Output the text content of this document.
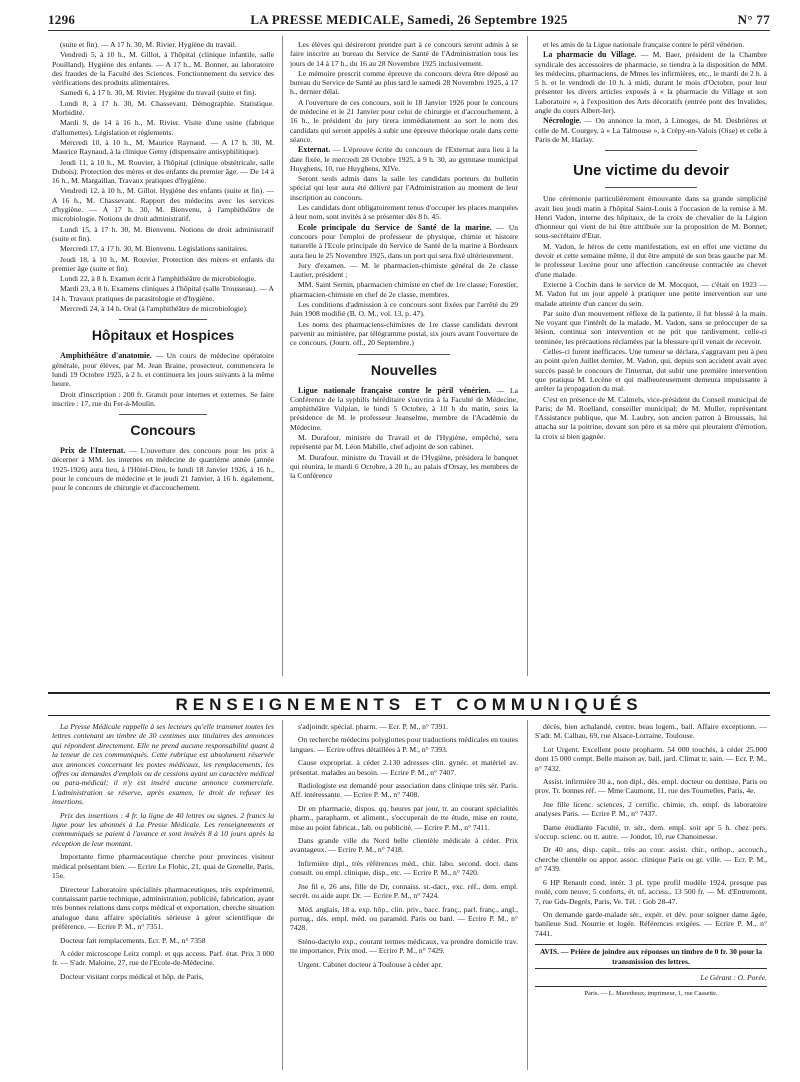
1296	LA PRESSE MEDICALE, Samedi, 26 Septembre 1925	N° 77

(suite et fin). — A 17 h. 30, M. Rivier. Hygiène du travail.

Vendredi 5, à 10 h., M. Gillot, à l'hôpital (clinique infantile, salle Pouilland). Hygiène des enfants. — A 17 h., M. Bonner, au laboratoire des fraudes de la Faculté des Sciences. Fonctionnement du service des vérifications des produits alimentaires.

Samedi 6, à 17 h. 30, M. Rivier. Hygiène du travail (suite et fin).

Lundi 8, à 17 h. 30, M. Chassevant. Démographie. Statistique. Morbidité.

Mardi 9, de 14 à 16 h., M. Rivier. Visite d'une usine (fabrique d'allumettes). Législation et règlements.

Mercredi 10, à 10 h., M. Maurice Raynaud. — A 17 h. 30, M. Maurice Raynaud, à la clinique Gemy (dispensaire antisyphilitique).

Jeudi 11, à 10 h., M. Rouvier, à l'hôpital (clinique obstétricale, salle Dubois). Protection des mères et des enfants du premier âge. — De 14 à 16 h., M. Margaillan. Travaux pratiques d'hygiène.

Vendredi 12, à 10 h., M. Gillot. Hygiène des enfants (suite et fin). — A 16 h., M. Chassevant. Rapport des médecins avec les services d'hygiène. — A 17 h. 30, M. Bienvenu, à l'amphithéâtre de microbiologie. Notions de droit administratif.

Lundi 15, à 17 h. 30, M. Bienvenu. Notions de droit administratif (suite et fin).

Mercredi 17, à 17 h. 30, M. Bienvenu. Législations sanitaires.

Jeudi 18, à 10 h., M. Rouvier. Protection des mères et enfants du premier âge (suite et fin).

Lundi 22, à 8 h. Examen écrit à l'amphithéâtre de microbiologie.

Mardi 23, à 8 h. Examens cliniques à l'hôpital (salle Trousseau). — A 14 h. Travaux pratiques de parasitologie et d'hygiène.

Mercredi 24, à 14 h. Oral (à l'amphithéâtre de microbiologie).

Hôpitaux et Hospices

Amphithéâtre d'anatomie. — Un cours de médecine opératoire générale, pour élèves, par M. Jean Braine, prosecteur, commencera le lundi 19 Octobre 1925, à 2 h. et continuera les jours suivants à la même heure.

Droit d'inscription : 200 fr. Gratuit pour internes et externes. Se faire inscrire : 17, rue du Fer-à-Moulin.

Concours

Prix de l'Internat. — L'ouverture des concours pour les prix à décerner à MM. les internes en médecine de quatrième année (année 1925-1926) aura lieu, à l'Hôtel-Dieu, le lundi 18 Janvier 1926, à 16 h., pour le concours de médecine et le jeudi 21 Janvier, à 16 h. également, pour le concours de chirurgie et d'accouchement.

Les élèves qui désireront prendre part à ce concours seront admis à se faire inscrire au bureau du Service de Santé de l'Administration tous les jours de 14 à 17 h., du 16 au 28 Novembre 1925 inclusivement.

Le mémoire prescrit comme épreuve du concours devra être déposé au bureau du Service de Santé au plus tard le samedi 28 Novembre 1925, à 17 h., dernier délai.

A l'ouverture de ces concours, soit le 18 Janvier 1926 pour le concours de médecine et le 21 Janvier pour celui de chirurgie et d'accouchement, à 16 h., le président du jury tirera immédiatement au sort le nom des candidats qui seront appelés à subir une épreuve théorique orale dans cette séance.

Externat. — L'épreuve écrite du concours de l'Externat aura lieu à la date fixée, le mercredi 28 Octobre 1925, à 9 h. 30, au gymnase municipal Huyghens, 10, rue Huyghens, XIVe.

Seront seuls admis dans la salle les candidats porteurs du bulletin spécial qui leur aura été délivré par l'Administration au moment de leur inscription au concours.

Les candidats dont obligatoirement tenus d'occuper les places marquées à leur nom, sont invités à se présenter dès 8 h. 45.

Ecole principale du Service de Santé de la marine. — Un concours pour l'emploi de professeur de physique, chimie et histoire naturelle à l'Ecole principale du Service de Santé de la marine à Bordeaux aura lieu le 25 Novembre 1925, dans un port qui sera fixé ultérieurement.

Jury d'examen. — M. le pharmacien-chimiste général de 2e classe Lautier, président ;

MM. Saint Sernin, pharmacien chimiste en chef de 1re classe; Forestier, pharmacien-chimiste en chef de 2e classe, membres.

Les conditions d'admission à ce concours sont fixées par l'arrêté du 29 Juin 1908 modifié (B. O. M., vol. 13, p. 47).

Les noms des pharmaciens-chimistes de 1re classe candidats devront parvenir au ministère, par télégramme postal, six jours avant l'ouverture de ce concours. (Journ. off., 20 Septembre.)

Nouvelles

Ligue nationale française contre le péril vénérien. — La Conférence de la syphilis héréditaire s'ouvrira à la Faculté de Médecine, amphithéâtre Vulpian, le lundi 5 Octobre, à 10 h du matin, sous la présidence de M. le professeur Jeanselme, membre de l'Académie de Médecine.

M. Durafour, ministre du Travail et de l'Hygiène, empêché, sera représenté par M. Léon Mabille, chef adjoint de son cabinet.

M. Durafour, ministre du Travail et de l'Hygiène, présidera le banquet qui réunira, le mardi 6 Octobre, à 20 h., au palais d'Orsay, les membres de la Conférence

et les amis de la Ligue nationale française contre le péril vénérien.

La pharmacie du Village. — M. Baer, président de la Chambre syndicale des accessoires de pharmacie, se tiendra à la disposition de MM. les médecins, pharmaciens, de Mmes les infirmières, etc., le mardi de 2 h. à 5 h. et le vendredi de 10 h. à midi, durant le mois d'Octobre, pour leur présenter les divers articles exposés à « la pharmacie du Village et son Laboratoire », à l'exposition des Arts décoratifs (entrée pont des Invalides, angle du cours Albert-Ier).

Nécrologie. — On annonce la mort, à Limoges, de M. Desbrières et celle de M. Courgey, à « La Talmouse », à Crépy-en-Valois (Oise) et celle à Paris de M. Harlay.

Une victime du devoir

Une cérémonie particulièrement émouvante dans sa grande simplicité avait lieu jeudi matin à l'hôpital Saint-Louis à l'occasion de la remise à M. Henri Vadon, interne des hôpitaux, de la croix de chevalier de la Légion d'honneur qui vient de lui être attribuée sur la proposition de M. Bonnet, sous-secrétaire d'Etat.

M. Vadon, le héros de cette manifestation, est en effet une victime du devoir et cette semaine même, il dut être amputé de son bras gauche par M. le professeur Lecène pour une affection cancéreuse contractée au chevet d'une malade.

Externe à Cochin dans le service de M. Mocquot, — c'était en 1923 — M. Vadon fut un jour appelé à pratiquer une petite intervention sur une malade atteinte d'un cancer du sein.

Par suite d'un mouvement réflexe de la patiente, il fut blessé à la main. Ne voyant que l'intérêt de la malade, M. Vadon, sans se préoccuper de sa lésion, continua son intervention et ne prit que tardivement, celle-ci terminée, les précautions réclamées par la blessure qu'il venait de recevoir.

Celles-ci furent inefficaces. Une tumeur se déclara, s'aggravant peu à peu au point qu'en Juillet dernier, M. Vadon, qui, depuis son accident avait avec succès passé le concours de l'internat, dut subir une première intervention que pratiqua M. Lecène et qui malheureusement demeura impuissante à arrêter la propagation du mal.

C'est en présence de M. Calmels, vice-président du Conseil municipal de Paris; de M. Roelland, conseiller municipal; de M. Muller, représentant l'Assistance publique, que M. Laubry, son ancien patron à Broussais, lui attacha sur la poitrine, devant son père et sa mère qui pleuraient d'émotion, la croix si bien gagnée.

RENSEIGNEMENTS ET COMMUNIQUÉS

La Presse Médicale rappelle à ses lecteurs qu'elle transmet toutes les lettres contenant un timbre de 30 centimes aux titulaires des annonces qui répondent directement. Elle ne prend aucune responsabilité quant à la teneur de ces communiqués. Cette rubrique est absolument réservée aux annonces concernant les postes médicaux, les remplacements, les offres ou demandes d'emplois ou de cessions ayant un caractère médical ou para-médical; il n'y est inséré aucune annonce commerciale. L'administration se réserve, après examen, le droit de refuser les insertions.

Prix des insertions : 4 fr. la ligne de 40 lettres ou signes. 2 francs la ligne pour les abonnés à La Presse Médicale. Les renseignements et communiqués se paient à l'avance et sont insérés 8 à 10 jours après la réception de leur montant.

Importante firme pharmaceutique cherche pour provinces visiteur médical présentant bien. — Ecrire Le Flohic, 21, quai de Grenelle, Paris, 15e.

Directeur Laboratoire spécialités pharmaceutiques, très expérimenté, connaissant partie technique, administration, publicité, fabrication, ayant très bonnes relations dans corps médical et exportation, cherche situation analogue dans affaire spécialités sérieuse à gérer scientifique de préférence. — Ecrire P. M., n° 7351.

Docteur fait remplacements. Ecr. P. M., n° 7358

A céder microscope Leitz compl. et qqs access. Parf. état. Prix 3 000 fr. — S'adr. Maloine, 27, rue de l'Ecole-de-Médecine.

Docteur visitant corps médical et hôp. de Paris,

s'adjoindr. spécial. pharm. — Ecr. P. M., n° 7391.

On recherche médecins polyglottes pour traductions médicales en toutes langues. — Ecrire offres détaillées à P. M., n° 7393.

Cause expropriat. à céder 2.130 adresses clin. gynéc. et matériel av. présentat. malades au besoin. — Ecrire P. M., n° 7407.

Radiologiste est demandé pour association dans clinique très sér. Paris. Aff. intéressante. — Ecrire P. M., n° 7408.

Dr en pharmacie, dispos. qq. heures par jour, tr. au courant spécialités pharm., parapharm. et aliment., s'occuperait de tte étude, mise en route, mise au point fabricat., lab. ou publicité. — Ecrire P. M., n° 7411.

Dans grande ville du Nord belle clientèle médicale à céder. Prix avantageux. — Ecrire P. M., n° 7418.

Infirmière dipl., très références méd., chir. labo. second. doct. dans consult. ou empl. clinique, disp., etc. — Ecrire P. M., n° 7420.

Jne fil e, 26 ans, fille de Dr, connaiss. st.-dact., exc. réf., dem. empl. secrét. ou aide aupr. Dr. — Ecrire P. M., n° 7424.

Méd. anglais, 18 a. exp. hôp., clin. priv., bacc. franç., parl. franç., angl., portug., dés. empl. méd. ou paraméd. Paris ou banl. — Ecrire P. M., n° 7428.

Sténo-dactylo exp., courant termes médicaux, va prendre domicile trav. tte importance. Prix mod. — Ecrire P. M., n° 7429.

Urgent. Cabinet docteur à Toulouse à céder apr.

décès, bien achalandé, centre, beau logem., bail. Affaire exceptionn. — S'adr. M. Calhau, 69, rue Alsace-Lorraine, Toulouse.

Lot Urgent. Excellent poste propharm. 54 000 touchés, à céder 25.000 dont 15 000 compt. Belle maison av. bail, jard. Climat tr. sain. — Ecr. P. M., n° 7432.

Assist. infirmière 30 a., non dipl., dés. empl. docteur ou dentiste, Paris ou prov. Tr. bonnes réf. — Mme Caumont, 11, rue des Tournelles, Paris, 4e.

Jne fille licenc. sciences, 2 certific. chimie, ch. empl. ds laboratoire analyses Paris. — Ecrire P. M., n° 7437.

Dame étudiante Faculté, tr. sér., dem. empl. soir apr 5 h. chez pers. s'occup. scienc. ou tt. autre. — Jondot, 10, rue Chanoinesse.

Dr 40 ans, disp. capit., très au cour. assist. chir., orthop., accouch., cherche clientèle ou appor. assoc. clinique Paris ou gr. ville. — Ecr. P. M., n° 7439.

6 HP Renault cond. intér. 3 pl. type profil modèle 1924, presque pas roulé, com neuve, 5 conforts, ét. nf, access., 13 500 fr. — M. d'Entremont, 7, rue Gds-Degrés, Paris, Ve. Tél. : Gob 28-47.

On demande garde-malade sér., expér. et dév. pour soigner dame âgée, banlieue Sud. Nourrie et logée. Références exigées. — Ecrire P. M., n° 7441.

AVIS. — Prière de joindre aux réponses un timbre de 0 fr. 30 pour la transmission des lettres.

Le Gérant : O. Porée.

Paris. — L. Maretheux, imprimeur, 1, rue Cassette.
